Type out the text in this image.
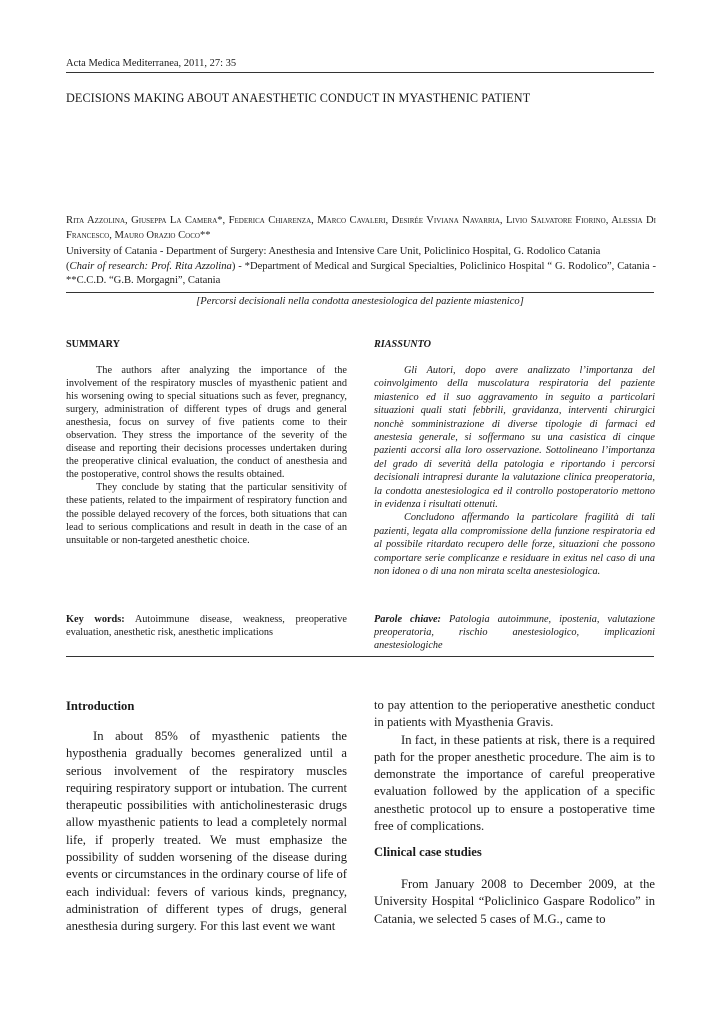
Acta Medica Mediterranea, 2011, 27: 35
DECISIONS MAKING ABOUT ANAESTHETIC CONDUCT IN MYASTHENIC PATIENT
Rita Azzolina, Giuseppa La Camera*, Federica Chiarenza, Marco Cavaleri, Desirée Viviana Navarria, Livio Salvatore Fiorino, Alessia Di Francesco, Mauro Orazio Coco**
University of Catania - Department of Surgery: Anesthesia and Intensive Care Unit, Policlinico Hospital, G. Rodolico Catania
(Chair of research: Prof. Rita Azzolina) - *Department of Medical and Surgical Specialties, Policlinico Hospital “ G. Rodolico”, Catania - **C.C.D. “G.B. Morgagni”, Catania
[Percorsi decisionali nella condotta anestesiologica del paziente miastenico]
SUMMARY	RIASSUNTO

The authors after analyzing the importance of the involvement of the respiratory muscles of myasthenic patient and his worsening owing to special situations such as fever, pregnancy, surgery, administration of different types of drugs and general anesthesia, focus on survey of five patients come to their observation. They stress the importance of the severity of the disease and reporting their decisions processes undertaken during the preoperative clinical evaluation, the conduct of anesthesia and the postoperative, control shows the results obtained.

They conclude by stating that the particular sensitivity of these patients, related to the impairment of respiratory function and the possible delayed recovery of the forces, both situations that can lead to serious complications and result in death in the case of an unsuitable or non-targeted anesthetic choice.

Gli Autori, dopo avere analizzato l’importanza del coinvolgimento della muscolatura respiratoria del paziente miastenico ed il suo aggravamento in seguito a particolari situazioni quali stati febbrili, gravidanza, interventi chirurgici nonchè somministrazione di diverse tipologie di farmaci ed anestesia generale, si soffermano su una casistica di cinque pazienti accorsi alla loro osservazione. Sottolineano l’importanza del grado di severità della patologia e riportando i percorsi decisionali intrapresi durante la valutazione clinica preoperatoria, la condotta anestesiologica ed il controllo postoperatorio mettono in evidenza i risultati ottenuti.

Concludono affermando la particolare fragilità di tali pazienti, legata alla compromissione della funzione respiratoria ed al possibile ritardato recupero delle forze, situazioni che possono comportare serie complicanze e residuare in exitus nel caso di una non idonea o di una non mirata scelta anestesiologica.

Key words: Autoimmune disease, weakness, preoperative evaluation, anesthetic risk, anesthetic implications
Parole chiave: Patologia autoimmune, ipostenia, valutazione preoperatoria, rischio anestesiologico, implicazioni anestesiologiche
Introduction

In about 85% of myasthenic patients the hyposthenia gradually becomes generalized until a serious involvement of the respiratory muscles requiring respiratory support or intubation. The current therapeutic possibilities with anticholinesterasic drugs allow myasthenic patients to lead a completely normal life, if properly treated. We must emphasize the possibility of sudden worsening of the disease during events or circumstances in the ordinary course of life of each individual: fevers of various kinds, pregnancy, administration of different types of drugs, general anesthesia during surgery. For this last event we want

to pay attention to the perioperative anesthetic conduct in patients with Myasthenia Gravis.

In fact, in these patients at risk, there is a required path for the proper anesthetic procedure. The aim is to demonstrate the importance of careful preoperative evaluation followed by the application of a specific anesthetic protocol up to ensure a postoperative time free of complications.

Clinical case studies

From January 2008 to December 2009, at the University Hospital “Policlinico Gaspare Rodolico” in Catania, we selected 5 cases of M.G., came to
